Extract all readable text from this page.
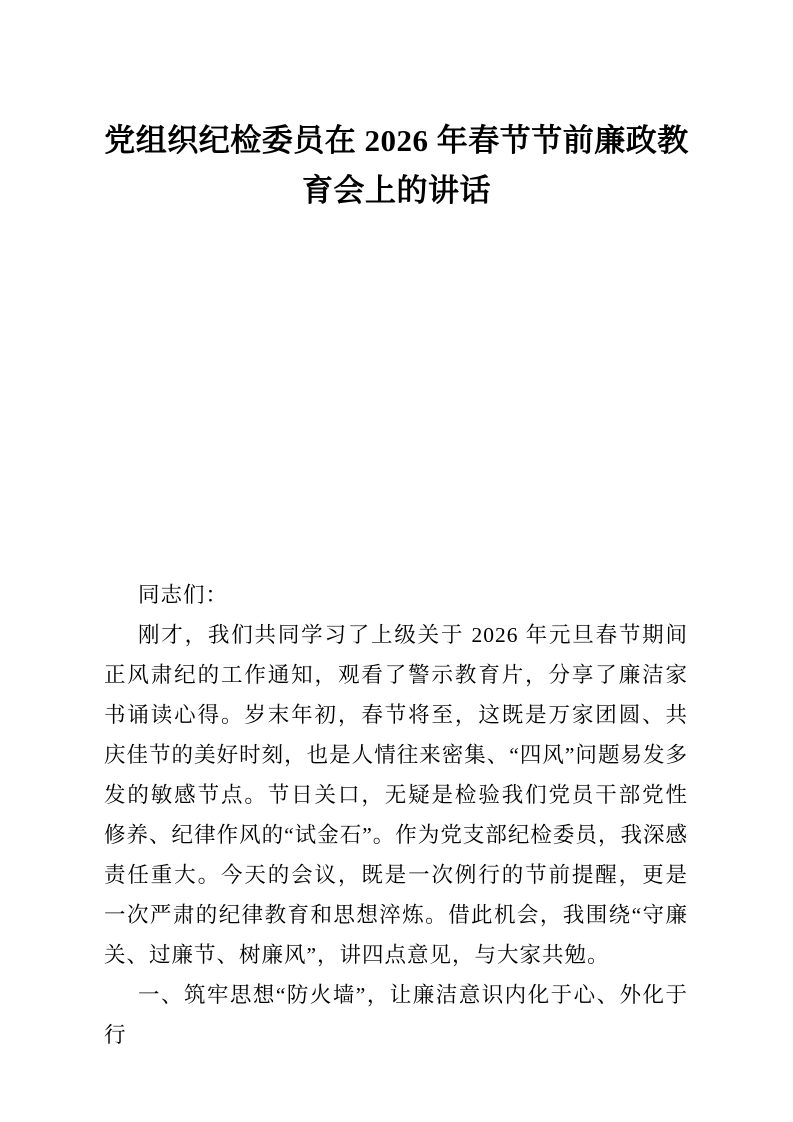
党组织纪检委员在 2026 年春节节前廉政教育会上的讲话

同志们：

刚才，我们共同学习了上级关于 2026 年元旦春节期间正风肃纪的工作通知，观看了警示教育片，分享了廉洁家书诵读心得。岁末年初，春节将至，这既是万家团圆、共庆佳节的美好时刻，也是人情往来密集、“四风”问题易发多发的敏感节点。节日关口，无疑是检验我们党员干部党性修养、纪律作风的“试金石”。作为党支部纪检委员，我深感责任重大。今天的会议，既是一次例行的节前提醒，更是一次严肃的纪律教育和思想淬炼。借此机会，我围绕“守廉关、过廉节、树廉风”，讲四点意见，与大家共勉。

一、筑牢思想“防火墙”，让廉洁意识内化于心、外化于行
